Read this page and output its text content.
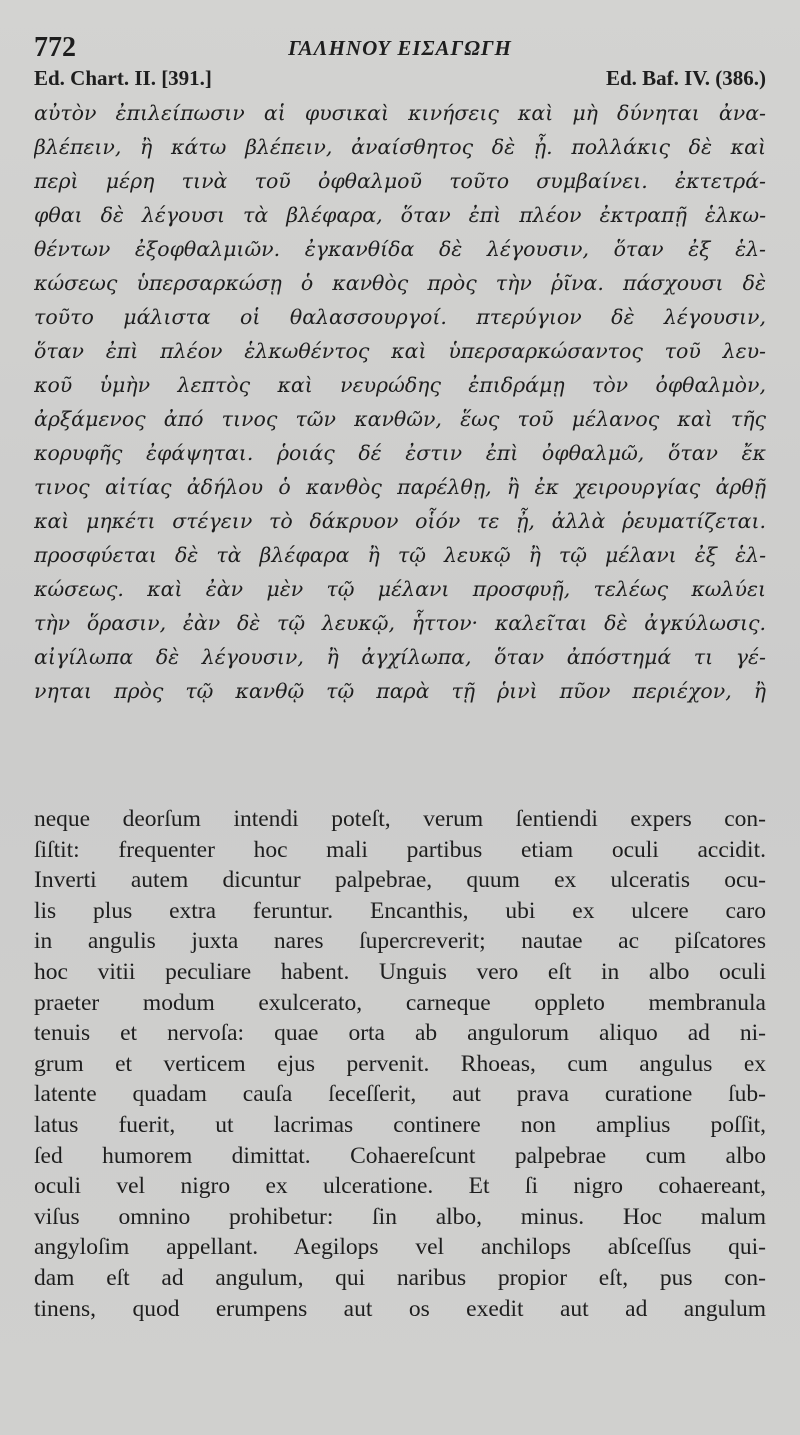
772	ΓΑΛΗΝΟΥ ΕΙΣΑΓΩΓΗ
Ed. Chart. II. [391.]	Ed. Baf. IV. (386.)
αὐτὸν ἐπιλείπωσιν αἱ φυσικαὶ κινήσεις καὶ μὴ δύνηται ἀνα-
βλέπειν, ἢ κάτω βλέπειν, ἀναίσθητος δὲ ᾖ. πολλάκις δὲ καὶ
περὶ μέρη τινὰ τοῦ ὀφθαλμοῦ τοῦτο συμβαίνει. ἐκτετρά-
φθαι δὲ λέγουσι τὰ βλέφαρα, ὅταν ἐπὶ πλέον ἐκτραπῇ ἑλκω-
θέντων ἐξοφθαλμιῶν. ἐγκανθίδα δὲ λέγουσιν, ὅταν ἐξ ἑλ-
κώσεως ὑπερσαρκώσῃ ὁ κανθὸς πρὸς τὴν ῥῖνα. πάσχουσι δὲ
τοῦτο μάλιστα οἱ θαλασσουργοί. πτερύγιον δὲ λέγουσιν,
ὅταν ἐπὶ πλέον ἑλκωθέντος καὶ ὑπερσαρκώσαντος τοῦ λευ-
κοῦ ὑμὴν λεπτὸς καὶ νευρώδης ἐπιδράμῃ τὸν ὀφθαλμὸν,
ἀρξάμενος ἀπό τινος τῶν κανθῶν, ἕως τοῦ μέλανος καὶ τῆς
κορυφῆς ἐφάψηται. ῥοιάς δέ ἐστιν ἐπὶ ὀφθαλμῶ, ὅταν ἔκ
τινος αἰτίας ἀδήλου ὁ κανθὸς παρέλθῃ, ἢ ἐκ χειρουργίας ἀρθῇ
καὶ μηκέτι στέγειν τὸ δάκρυον οἷόν τε ᾖ, ἀλλὰ ῥευματίζεται.
προσφύεται δὲ τὰ βλέφαρα ἢ τῷ λευκῷ ἢ τῷ μέλανι ἐξ ἑλ-
κώσεως. καὶ ἐὰν μὲν τῷ μέλανι προσφυῇ, τελέως κωλύει
τὴν ὅρασιν, ἐὰν δὲ τῷ λευκῷ, ἧττον· καλεῖται δὲ ἀγκύλωσις.
αἰγίλωπα δὲ λέγουσιν, ἢ ἀγχίλωπα, ὅταν ἀπόστημά τι γέ-
νηται πρὸς τῷ κανθῷ τῷ παρὰ τῇ ῥινὶ πῦον περιέχον, ἢ
neque deorſum intendi poteſt, verum ſentiendi expers con-
ſiſtit: frequenter hoc mali partibus etiam oculi accidit.
Inverti autem dicuntur palpebrae, quum ex ulceratis ocu-
lis plus extra feruntur. Encanthis, ubi ex ulcere caro
in angulis juxta nares ſupercreverit; nautae ac piſcatores
hoc vitii peculiare habent. Unguis vero eſt in albo oculi
praeter modum exulcerato, carneque oppleto membranula
tenuis et nervoſa: quae orta ab angulorum aliquo ad ni-
grum et verticem ejus pervenit. Rhoeas, cum angulus ex
latente quadam cauſa ſeceſſerit, aut prava curatione ſub-
latus fuerit, ut lacrimas continere non amplius poſſit,
ſed humorem dimittat. Cohaereſcunt palpebrae cum albo
oculi vel nigro ex ulceratione. Et ſi nigro cohaereant,
viſus omnino prohibetur: ſin albo, minus. Hoc malum
angyloſim appellant. Aegilops vel anchilops abſceſſus qui-
dam eſt ad angulum, qui naribus propior eſt, pus con-
tinens, quod erumpens aut os exedit aut ad angulum
